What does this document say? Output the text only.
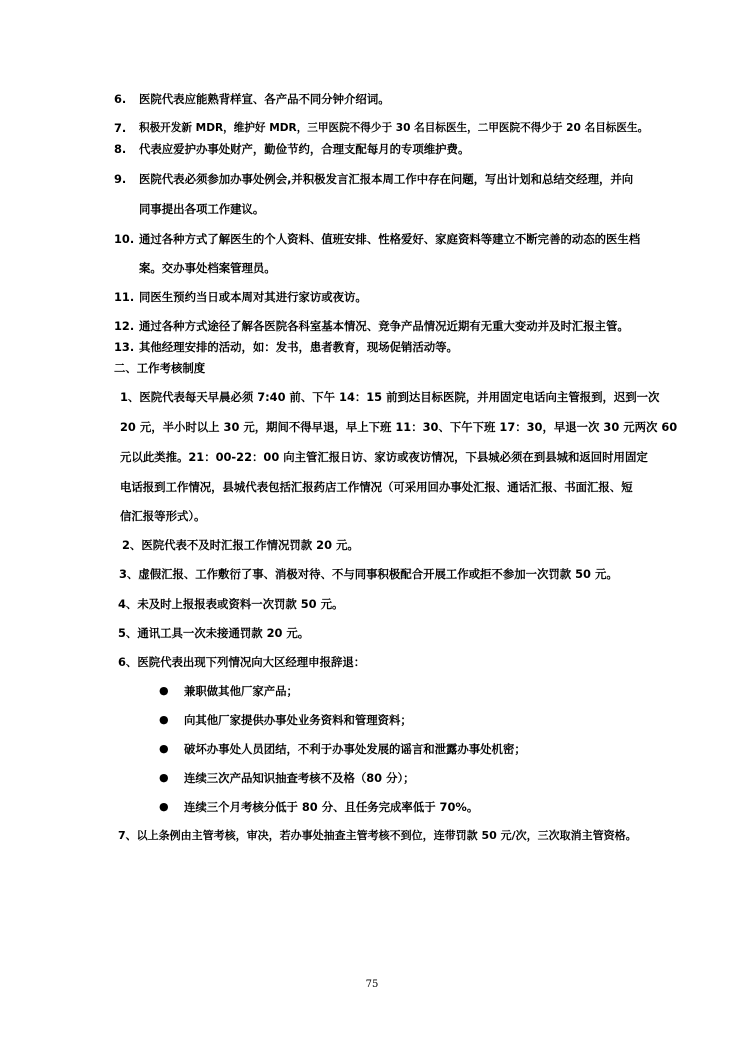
6. 医院代表应能熟背样宣、各产品不同分钟介绍词。
7. 积极开发新 MDR，维护好 MDR，三甲医院不得少于 30 名目标医生，二甲医院不得少于 20 名目标医生。
8. 代表应爱护办事处财产，勤俭节约，合理支配每月的专项维护费。
9. 医院代表必须参加办事处例会,并积极发言汇报本周工作中存在问题，写出计划和总结交经理，并向
同事提出各项工作建议。
10. 通过各种方式了解医生的个人资料、值班安排、性格爱好、家庭资料等建立不断完善的动态的医生档
案。交办事处档案管理员。
11. 同医生预约当日或本周对其进行家访或夜访。
12. 通过各种方式途径了解各医院各科室基本情况、竞争产品情况近期有无重大变动并及时汇报主管。
13. 其他经理安排的活动，如：发书，患者教育，现场促销活动等。
二、工作考核制度
1、医院代表每天早晨必须 7:40 前、下午 14：15 前到达目标医院，并用固定电话向主管报到，迟到一次
20 元，半小时以上 30 元，期间不得早退，早上下班 11：30、下午下班 17：30，早退一次 30 元两次 60
元以此类推。21：00-22：00 向主管汇报日访、家访或夜访情况，下县城必须在到县城和返回时用固定
电话报到工作情况，县城代表包括汇报药店工作情况（可采用回办事处汇报、通话汇报、书面汇报、短
信汇报等形式）。
2、医院代表不及时汇报工作情况罚款 20 元。
3、虚假汇报、工作敷衍了事、消极对待、不与同事积极配合开展工作或拒不参加一次罚款 50 元。
4、未及时上报报表或资料一次罚款 50 元。
5、通讯工具一次未接通罚款 20 元。
6、医院代表出现下列情况向大区经理申报辞退：
● 兼职做其他厂家产品；
● 向其他厂家提供办事处业务资料和管理资料；
● 破坏办事处人员团结，不利于办事处发展的谣言和泄露办事处机密；
● 连续三次产品知识抽查考核不及格（80 分）；
● 连续三个月考核分低于 80 分、且任务完成率低于 70%。
7、以上条例由主管考核，审决，若办事处抽查主管考核不到位，连带罚款 50 元/次，三次取消主管资格。
75
